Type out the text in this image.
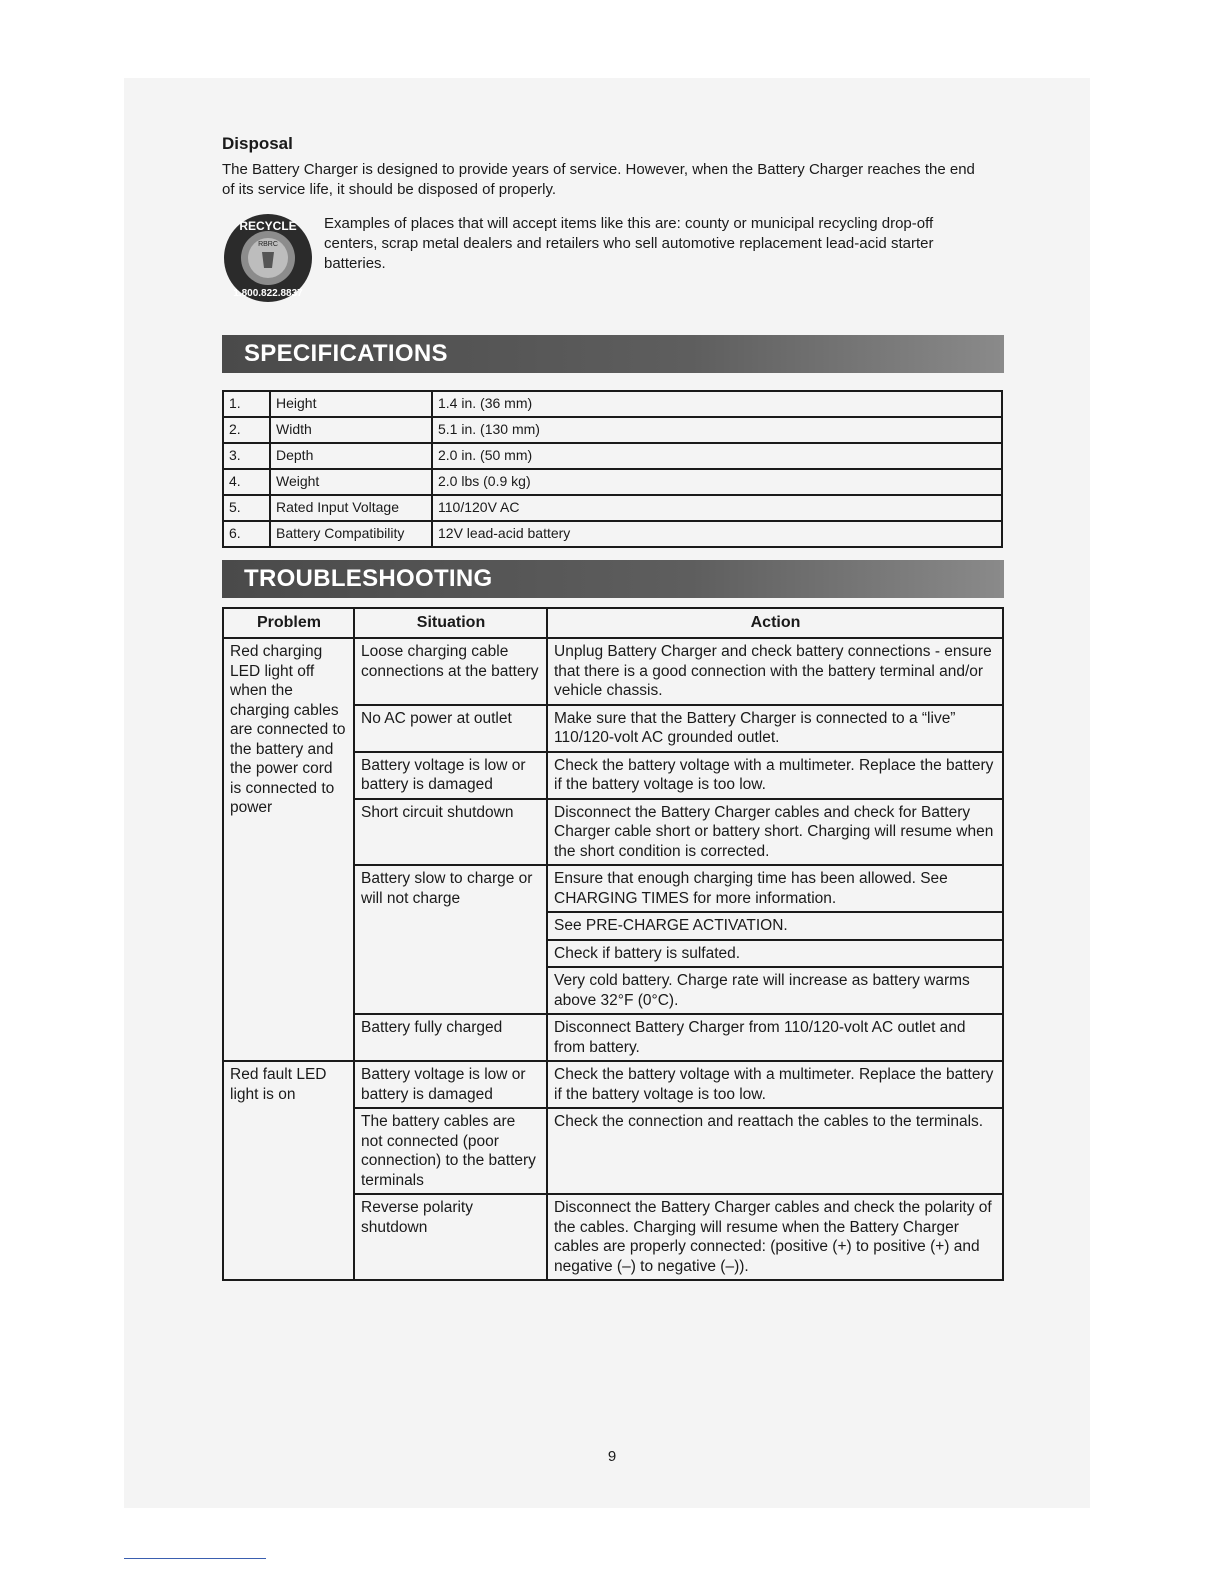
Disposal
The Battery Charger is designed to provide years of service. However, when the Battery Charger reaches the end of its service life, it should be disposed of properly.
RECYCLE
RBRC
1.800.822.8837
Examples of places that will accept items like this are: county or municipal recycling drop-off centers, scrap metal dealers and retailers who sell automotive replacement lead-acid starter batteries.
SPECIFICATIONS
1.	Height	1.4 in. (36 mm)
2.	Width	5.1 in. (130 mm)
3.	Depth	2.0 in. (50 mm)
4.	Weight	2.0 lbs (0.9 kg)
5.	Rated Input Voltage	110/120V AC
6.	Battery Compatibility	12V lead-acid battery
TROUBLESHOOTING
Problem	Situation	Action
Red charging LED light off when the charging cables are connected to the battery and the power cord is connected to power	Loose charging cable connections at the battery	Unplug Battery Charger and check battery connections - ensure that there is a good connection with the battery terminal and/or vehicle chassis.
	No AC power at outlet	Make sure that the Battery Charger is connected to a “live” 110/120-volt AC grounded outlet.
	Battery voltage is low or battery is damaged	Check the battery voltage with a multimeter. Replace the battery if the battery voltage is too low.
	Short circuit shutdown	Disconnect the Battery Charger cables and check for Battery Charger cable short or battery short. Charging will resume when the short condition is corrected.
	Battery slow to charge or will not charge	Ensure that enough charging time has been allowed. See CHARGING TIMES for more information.
		See PRE-CHARGE ACTIVATION.
		Check if battery is sulfated.
		Very cold battery. Charge rate will increase as battery warms above 32°F (0°C).
	Battery fully charged	Disconnect Battery Charger from 110/120-volt AC outlet and from battery.
Red fault LED light is on	Battery voltage is low or battery is damaged	Check the battery voltage with a multimeter. Replace the battery if the battery voltage is too low.
	The battery cables are not connected (poor connection) to the battery terminals	Check the connection and reattach the cables to the terminals.
	Reverse polarity shutdown	Disconnect the Battery Charger cables and check the polarity of the cables. Charging will resume when the Battery Charger cables are properly connected: (positive (+) to positive (+) and negative (–) to negative (–)).
9
